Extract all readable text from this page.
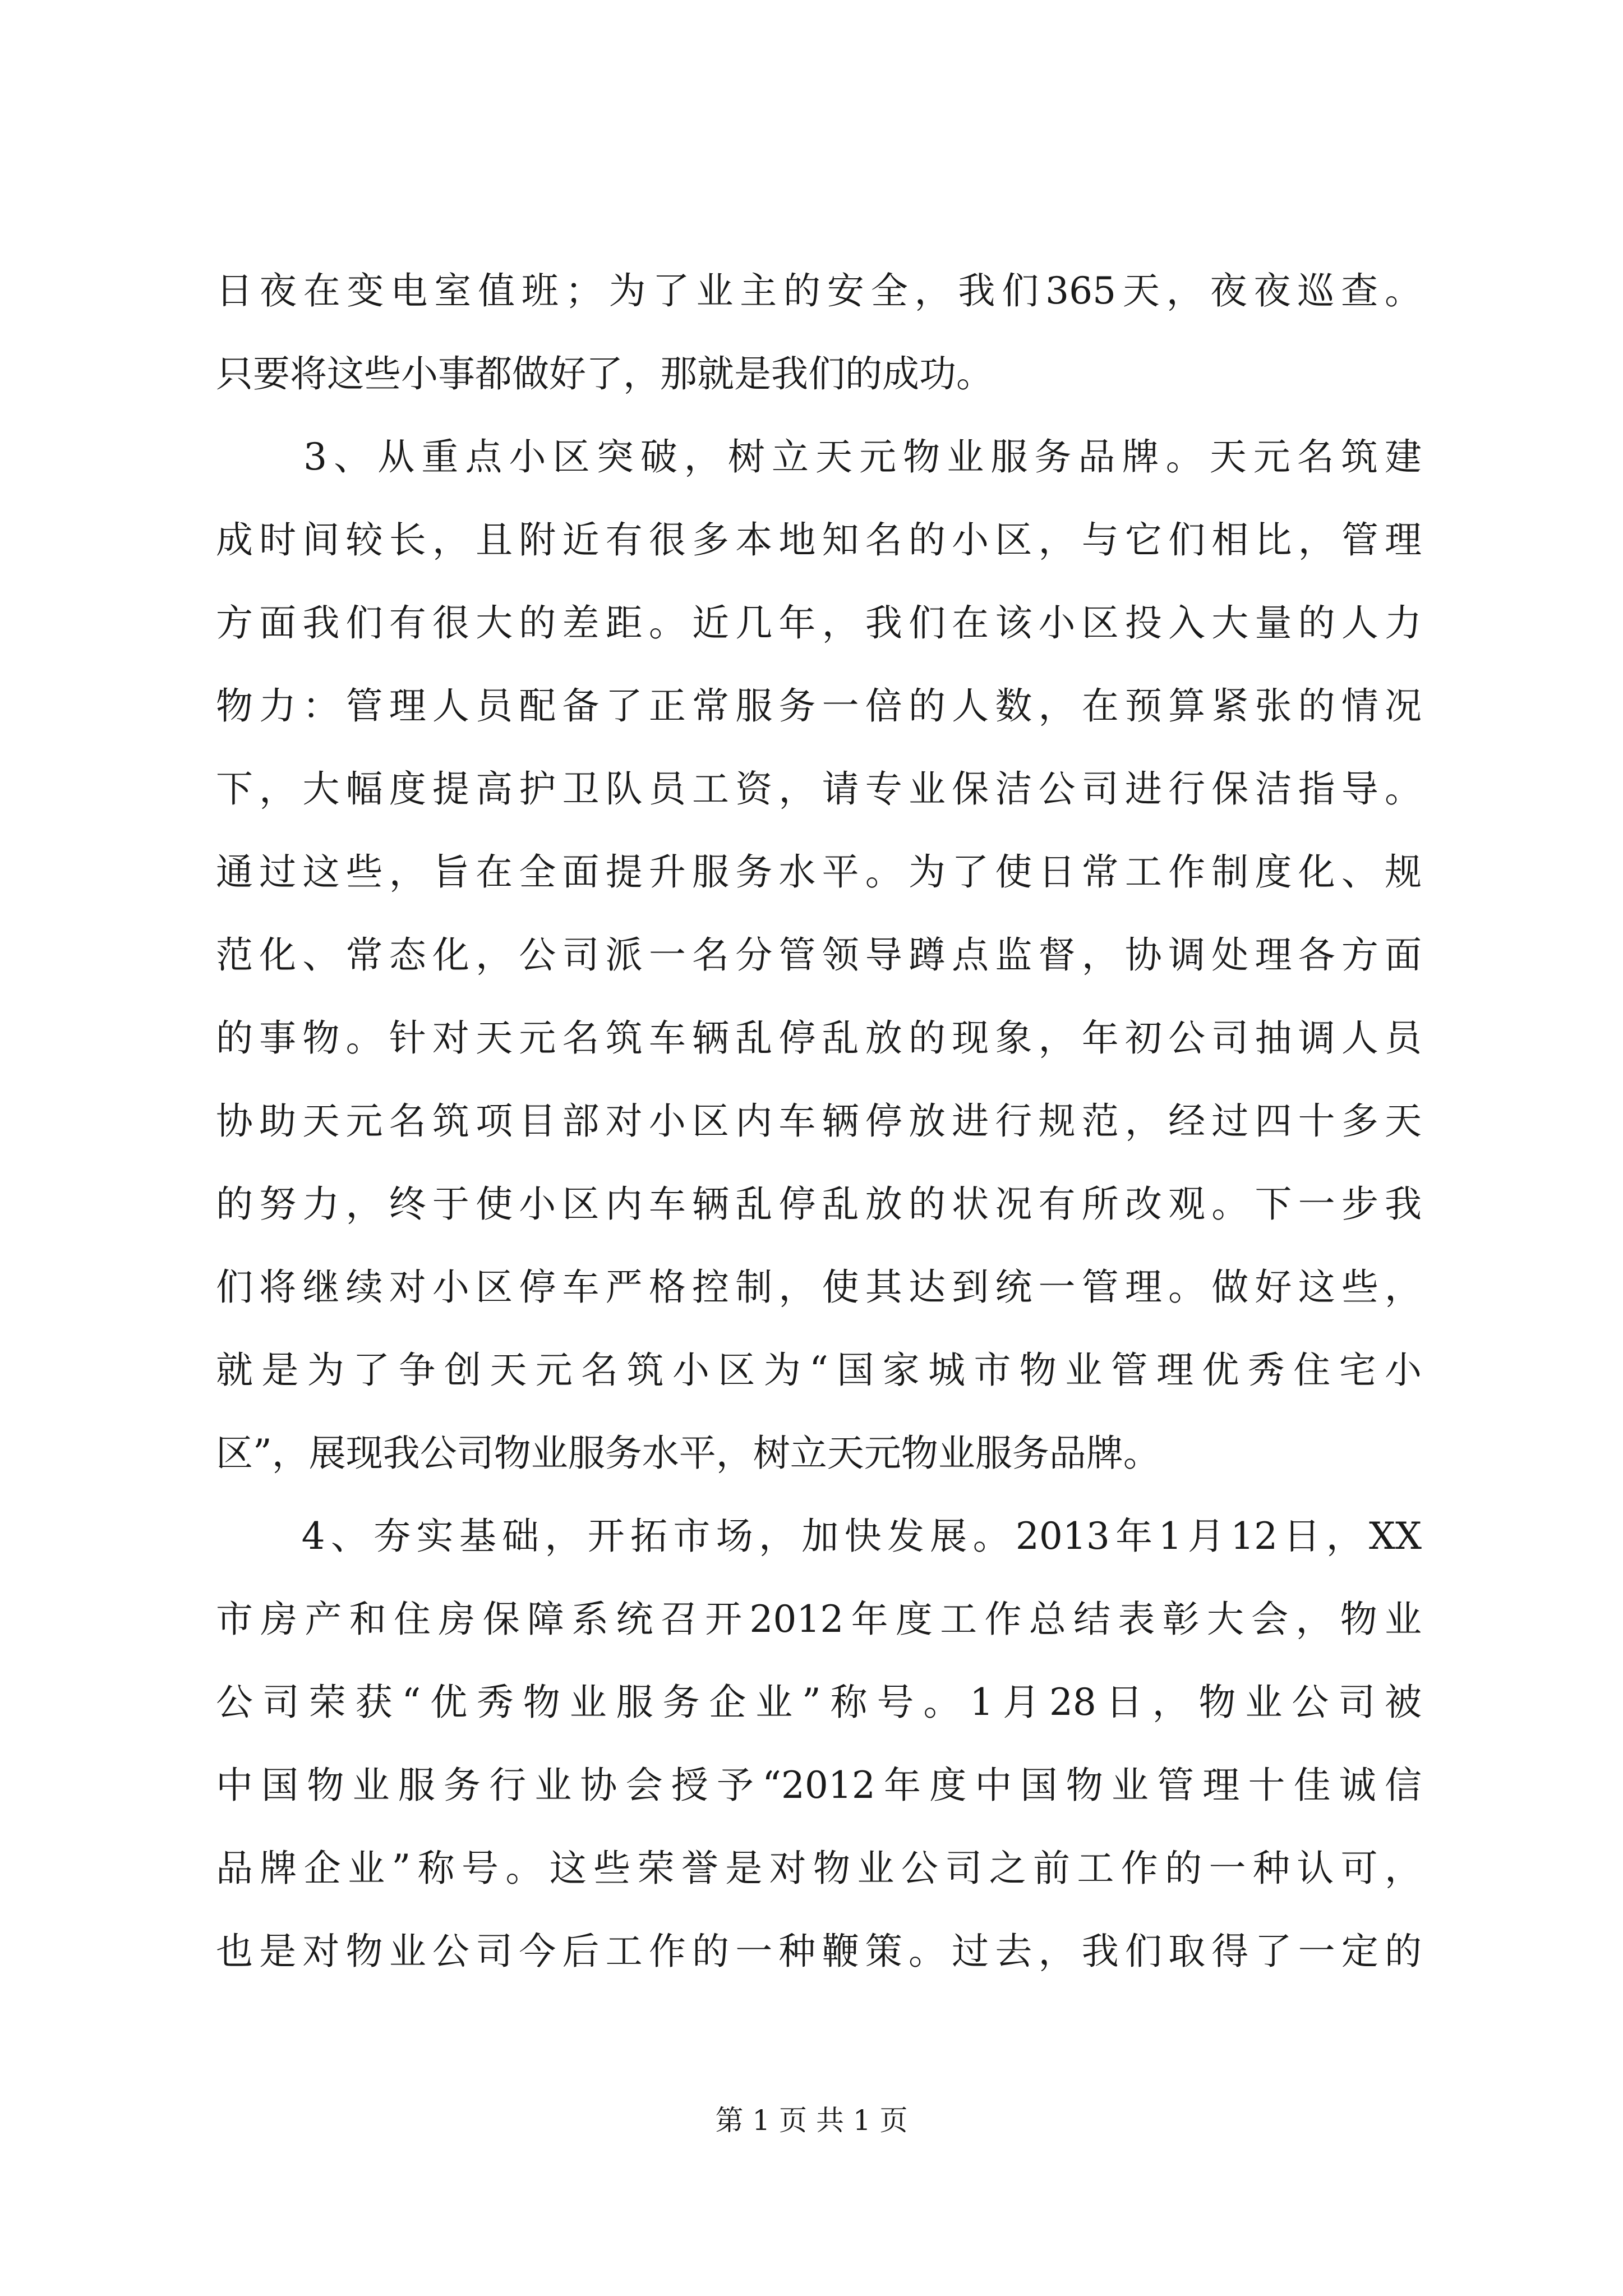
日夜在变电室值班；为了业主的安全，我们365天，夜夜巡查。
只要将这些小事都做好了，那就是我们的成功。
　　3、从重点小区突破，树立天元物业服务品牌。天元名筑建
成时间较长，且附近有很多本地知名的小区，与它们相比，管理
方面我们有很大的差距。近几年，我们在该小区投入大量的人力
物力：管理人员配备了正常服务一倍的人数，在预算紧张的情况
下，大幅度提高护卫队员工资，请专业保洁公司进行保洁指导。
通过这些，旨在全面提升服务水平。为了使日常工作制度化、规
范化、常态化，公司派一名分管领导蹲点监督，协调处理各方面
的事物。针对天元名筑车辆乱停乱放的现象，年初公司抽调人员
协助天元名筑项目部对小区内车辆停放进行规范，经过四十多天
的努力，终于使小区内车辆乱停乱放的状况有所改观。下一步我
们将继续对小区停车严格控制，使其达到统一管理。做好这些，
就是为了争创天元名筑小区为“国家城市物业管理优秀住宅小
区”，展现我公司物业服务水平，树立天元物业服务品牌。
　　4、夯实基础，开拓市场，加快发展。2013年1月12日，XX
市房产和住房保障系统召开2012年度工作总结表彰大会，物业
公司荣获“优秀物业服务企业”称号。1月28日，物业公司被
中国物业服务行业协会授予“2012年度中国物业管理十佳诚信
品牌企业”称号。这些荣誉是对物业公司之前工作的一种认可，
也是对物业公司今后工作的一种鞭策。过去，我们取得了一定的
第 1 页 共 1 页
